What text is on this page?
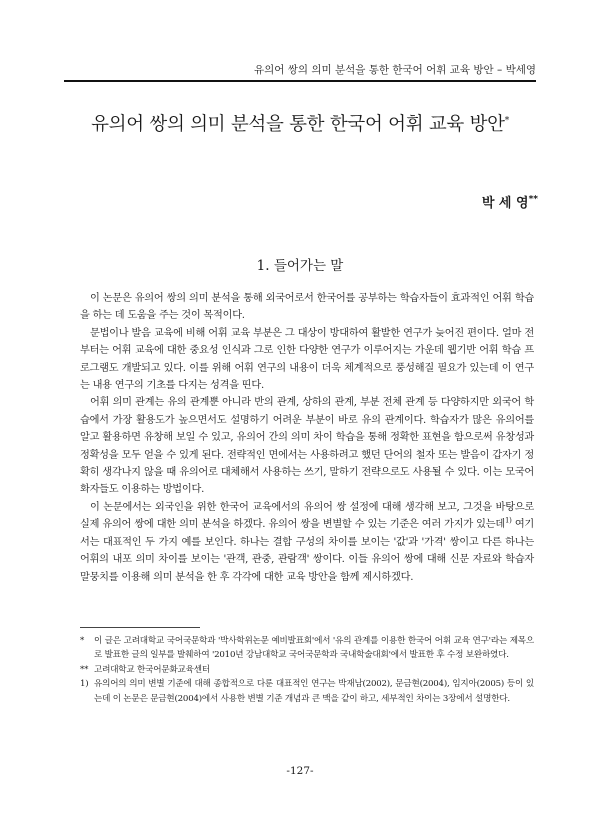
유의어 쌍의 의미 분석을 통한 한국어 어휘 교육 방안 – 박세영
유의어 쌍의 의미 분석을 통한 한국어 어휘 교육 방안*
박 세 영**
1. 들어가는 말

이 논문은 유의어 쌍의 의미 분석을 통해 외국어로서 한국어를 공부하는 학습자들이 효과적인 어휘 학습을 하는 데 도움을 주는 것이 목적이다.

문법이나 발음 교육에 비해 어휘 교육 부분은 그 대상이 방대하여 활발한 연구가 늦어진 편이다. 얼마 전부터는 어휘 교육에 대한 중요성 인식과 그로 인한 다양한 연구가 이루어지는 가운데 웹기반 어휘 학습 프로그램도 개발되고 있다. 이를 위해 어휘 연구의 내용이 더욱 체계적으로 풍성해질 필요가 있는데 이 연구는 내용 연구의 기초를 다지는 성격을 띤다.

어휘 의미 관계는 유의 관계뿐 아니라 반의 관계, 상하의 관계, 부분 전체 관계 등 다양하지만 외국어 학습에서 가장 활용도가 높으면서도 설명하기 어려운 부분이 바로 유의 관계이다. 학습자가 많은 유의어를 알고 활용하면 유창해 보일 수 있고, 유의어 간의 의미 차이 학습을 통해 정확한 표현을 함으로써 유창성과 정확성을 모두 얻을 수 있게 된다. 전략적인 면에서는 사용하려고 했던 단어의 철자 또는 발음이 갑자기 정확히 생각나지 않을 때 유의어로 대체해서 사용하는 쓰기, 말하기 전략으로도 사용될 수 있다. 이는 모국어 화자들도 이용하는 방법이다.

이 논문에서는 외국인을 위한 한국어 교육에서의 유의어 쌍 설정에 대해 생각해 보고, 그것을 바탕으로 실제 유의어 쌍에 대한 의미 분석을 하겠다. 유의어 쌍을 변별할 수 있는 기준은 여러 가지가 있는데$^{1)}$ 여기서는 대표적인 두 가지 예를 보인다. 하나는 결합 구성의 차이를 보이는 '값'과 '가격' 쌍이고 다른 하나는 어휘의 내포 의미 차이를 보이는 '관객, 관중, 관람객' 쌍이다. 이들 유의어 쌍에 대해 신문 자료와 학습자 말뭉치를 이용해 의미 분석을 한 후 각각에 대한 교육 방안을 함께 제시하겠다.

*	이 글은 고려대학교 국어국문학과 '박사학위논문 예비발표회'에서 '유의 관계를 이용한 한국어 어휘 교육 연구'라는 제목으로 발표한 글의 일부를 발췌하여 '2010년 강남대학교 국어국문학과 국내학술대회'에서 발표한 후 수정 보완하였다.
** 고려대학교 한국어문화교육센터
1) 유의어의 의미 변별 기준에 대해 종합적으로 다룬 대표적인 연구는 박재남(2002), 문금현(2004), 임지아(2005) 등이 있는데 이 논문은 문금현(2004)에서 사용한 변별 기준 개념과 큰 맥을 같이 하고, 세부적인 차이는 3장에서 설명한다.
-127-
